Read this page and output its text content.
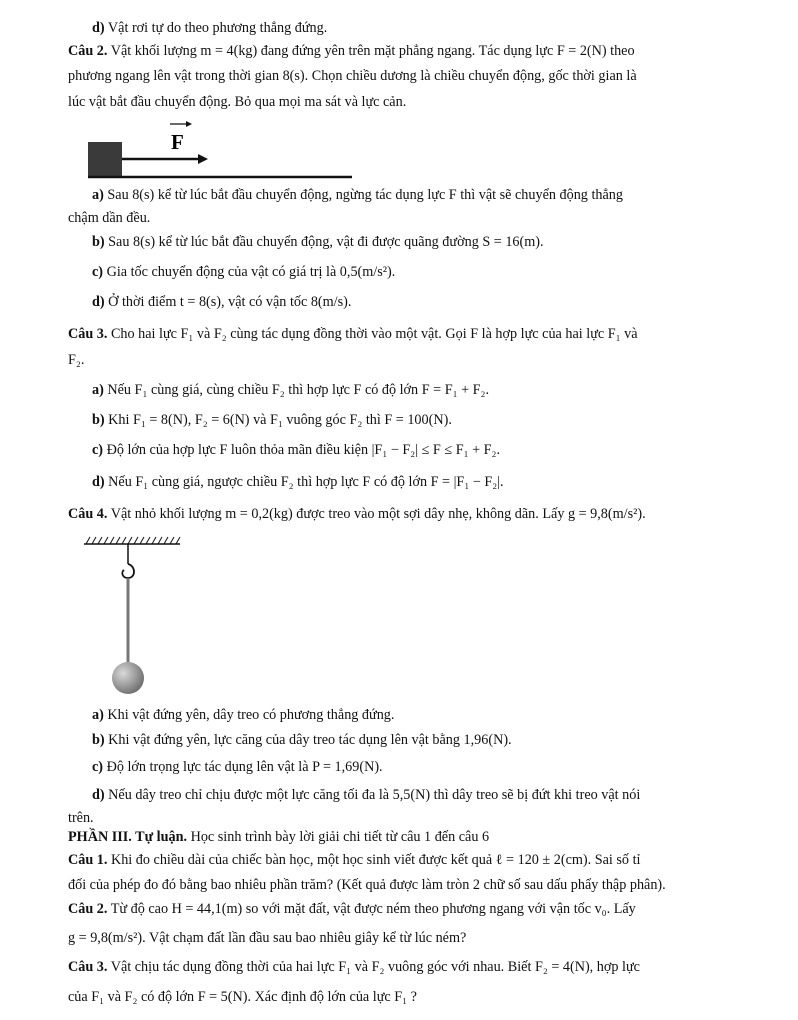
d) Vật rơi tự do theo phương thẳng đứng.
Câu 2. Vật khối lượng m = 4(kg) đang đứng yên trên mặt phẳng ngang. Tác dụng lực F = 2(N) theo
phương ngang lên vật trong thời gian 8(s). Chọn chiều dương là chiều chuyển động, gốc thời gian là
lúc vật bắt đầu chuyển động. Bỏ qua mọi ma sát và lực cản.
F
a) Sau 8(s) kể từ lúc bắt đầu chuyển động, ngừng tác dụng lực F thì vật sẽ chuyển động thẳng
chậm dần đều.
b) Sau 8(s) kể từ lúc bắt đầu chuyển động, vật đi được quãng đường S = 16(m).
c) Gia tốc chuyển động của vật có giá trị là 0,5(m/s²).
d) Ở thời điểm t = 8(s), vật có vận tốc 8(m/s).
Câu 3. Cho hai lực F₁ và F₂ cùng tác dụng đồng thời vào một vật. Gọi F là hợp lực của hai lực F₁ và
F₂.
a) Nếu F₁ cùng giá, cùng chiều F₂ thì hợp lực F có độ lớn F = F₁ + F₂.
b) Khi F₁ = 8(N), F₂ = 6(N) và F₁ vuông góc F₂ thì F = 100(N).
c) Độ lớn của hợp lực F luôn thỏa mãn điều kiện |F₁ − F₂| ≤ F ≤ F₁ + F₂.
d) Nếu F₁ cùng giá, ngược chiều F₂ thì hợp lực F có độ lớn F = |F₁ − F₂|.
Câu 4. Vật nhỏ khối lượng m = 0,2(kg) được treo vào một sợi dây nhẹ, không dãn. Lấy g = 9,8(m/s²).
a) Khi vật đứng yên, dây treo có phương thẳng đứng.
b) Khi vật đứng yên, lực căng của dây treo tác dụng lên vật bằng 1,96(N).
c) Độ lớn trọng lực tác dụng lên vật là P = 1,69(N).
d) Nếu dây treo chỉ chịu được một lực căng tối đa là 5,5(N) thì dây treo sẽ bị đứt khi treo vật nói
trên.
PHẦN III. Tự luận. Học sinh trình bày lời giải chi tiết từ câu 1 đến câu 6
Câu 1. Khi đo chiều dài của chiếc bàn học, một học sinh viết được kết quả ℓ = 120 ± 2(cm). Sai số tỉ
đối của phép đo đó bằng bao nhiêu phần trăm? (Kết quả được làm tròn 2 chữ số sau dấu phẩy thập phân).
Câu 2. Từ độ cao H = 44,1(m) so với mặt đất, vật được ném theo phương ngang với vận tốc v₀. Lấy
g = 9,8(m/s²). Vật chạm đất lần đầu sau bao nhiêu giây kể từ lúc ném?
Câu 3. Vật chịu tác dụng đồng thời của hai lực F₁ và F₂ vuông góc với nhau. Biết F₂ = 4(N), hợp lực
của F₁ và F₂ có độ lớn F = 5(N). Xác định độ lớn của lực F₁ ?
